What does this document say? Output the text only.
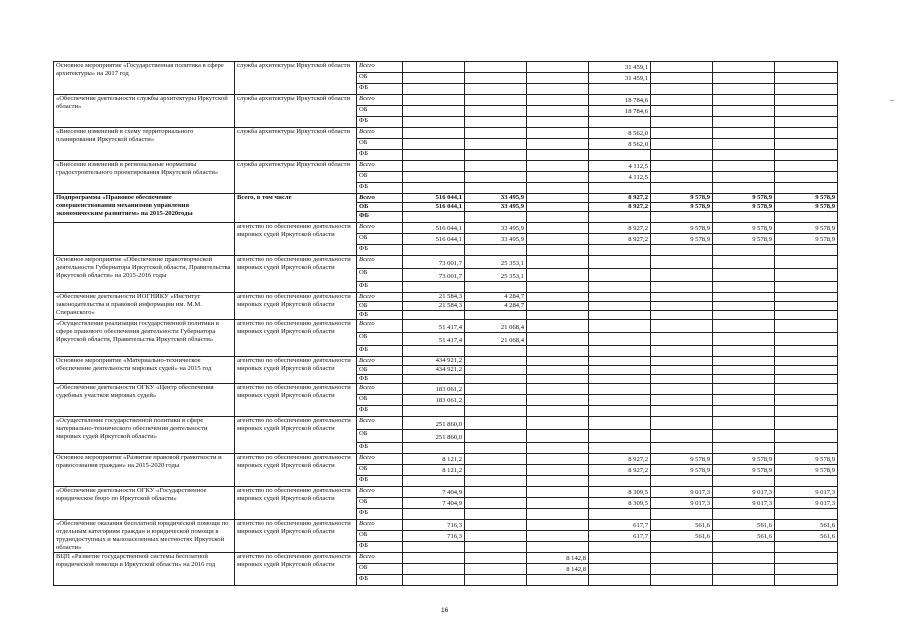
Основное мероприятие «Государственная политика в сфере архитектуры» на 2017 год	служба архитектуры Иркутской области	Всего				31 459,1			
		ОБ				31 459,1			
		ФБ							
«Обеспечение деятельности службы архитектуры Иркутской области»	служба архитектуры Иркутской области	Всего				18 784,6			
		ОБ				18 784,6			
		ФБ							
«Внесение изменений в схему территориального планирования Иркутской области»	служба архитектуры Иркутской области	Всего				8 562,0			
		ОБ				8 562,0			
		ФБ							
«Внесение изменений в региональные нормативы градостроительного проектирования Иркутской области»	служба архитектуры Иркутской области	Всего				4 112,5			
		ОБ				4 112,5			
		ФБ							
Подпрограмма «Правовое обеспечение совершенствования механизмов управления экономическим развитием» на 2015-2020годы	Всего, в том числе	Всего	516 044,1	33 495,9		8 927,2	9 578,9	9 578,9	9 578,9
		ОБ	516 044,1	33 495,9		8 927,2	9 578,9	9 578,9	9 578,9
		ФБ							
	агентство по обеспечению деятельности мировых судей Иркутской области	Всего	516 044,1	33 495,9		8 927,2	9 578,9	9 578,9	9 578,9
		ОБ	516 044,1	33 495,9		8 927,2	9 578,9	9 578,9	9 578,9
		ФБ							
Основное мероприятие «Обеспечение правотворческой деятельности Губернатора Иркутской области, Правительства Иркутской области» на 2015-2016 годы	агентство по обеспечению деятельности мировых судей Иркутской области	Всего	73 001,7	25 353,1					
		ОБ	73 001,7	25 353,1					
		ФБ							
«Обеспечение деятельности ИОГНИКУ «Институт законодательства и правовой информации им. М.М. Сперанского»	агентство по обеспечению деятельности мировых судей Иркутской области	Всего	21 584,3	4 284,7					
		ОБ	21 584,3	4 284,7					
		ФБ							
«Осуществление реализации государственной политики в сфере правового обеспечения деятельности Губернатора Иркутской области, Правительства Иркутской области»	агентство по обеспечению деятельности мировых судей Иркутской области	Всего	51 417,4	21 068,4					
		ОБ	51 417,4	21 068,4					
		ФБ							
Основное мероприятие «Материально-техническое обеспечение деятельности мировых судей» на 2015 год	агентство по обеспечению деятельности мировых судей Иркутской области	Всего	434 921,2						
		ОБ	434 921,2						
		ФБ							
«Обеспечение деятельности ОГКУ «Центр обеспечения судебных участков мировых судей»	агентство по обеспечению деятельности мировых судей Иркутской области	Всего	183 061,2						
		ОБ	183 061,2						
		ФБ							
«Осуществление государственной политики в сфере материально-технического обеспечения деятельности мировых судей Иркутской области»	агентство по обеспечению деятельности мировых судей Иркутской области	Всего	251 860,0						
		ОБ	251 860,0						
		ФБ							
Основное мероприятие «Развитие правовой грамотности и правосознания граждан» на 2015-2020 годы	агентство по обеспечению деятельности мировых судей Иркутской области	Всего	8 121,2			8 927,2	9 578,9	9 578,9	9 578,9
		ОБ	8 121,2			8 927,2	9 578,9	9 578,9	9 578,9
		ФБ							
«Обеспечение деятельности ОГКУ «Государственное юридическое бюро по Иркутской области»	агентство по обеспечению деятельности мировых судей Иркутской области	Всего	7 404,9			8 309,5	9 017,3	9 017,3	9 017,3
		ОБ	7 404,9			8 309,5	9 017,3	9 017,3	9 017,3
		ФБ							
«Обеспечение оказания бесплатной юридической помощи по отдельным категориям граждан и юридической помощи в труднодоступных и малозаселенных местностях Иркутской области»	агентство по обеспечению деятельности мировых судей Иркутской области	Всего	716,3			617,7	561,6	561,6	561,6
		ОБ	716,3			617,7	561,6	561,6	561,6
		ФБ							
ВЦП «Развитие государственной системы бесплатной юридической помощи в Иркутской области» на 2016 год	агентство по обеспечению деятельности мировых судей Иркутской области	Всего			8 142,8				
		ОБ			8 142,8				
		ФБ							
16
